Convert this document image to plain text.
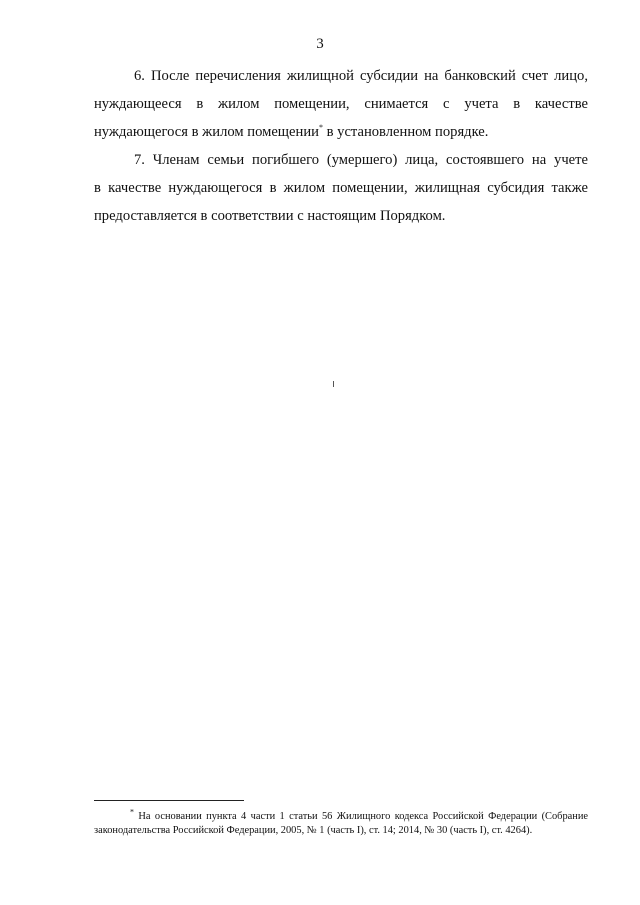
3

6. После перечисления жилищной субсидии на банковский счет лицо,
нуждающееся в жилом помещении, снимается с учета в качестве
нуждающегося в жилом помещении* в установленном порядке.

7. Членам семьи погибшего (умершего) лица, состоявшего на учете
в качестве нуждающегося в жилом помещении, жилищная субсидия также
предоставляется в соответствии с настоящим Порядком.

* На основании пункта 4 части 1 статьи 56 Жилищного кодекса Российской Федерации (Собрание
законодательства Российской Федерации, 2005, № 1 (часть I), ст. 14; 2014, № 30 (часть I), ст. 4264).
